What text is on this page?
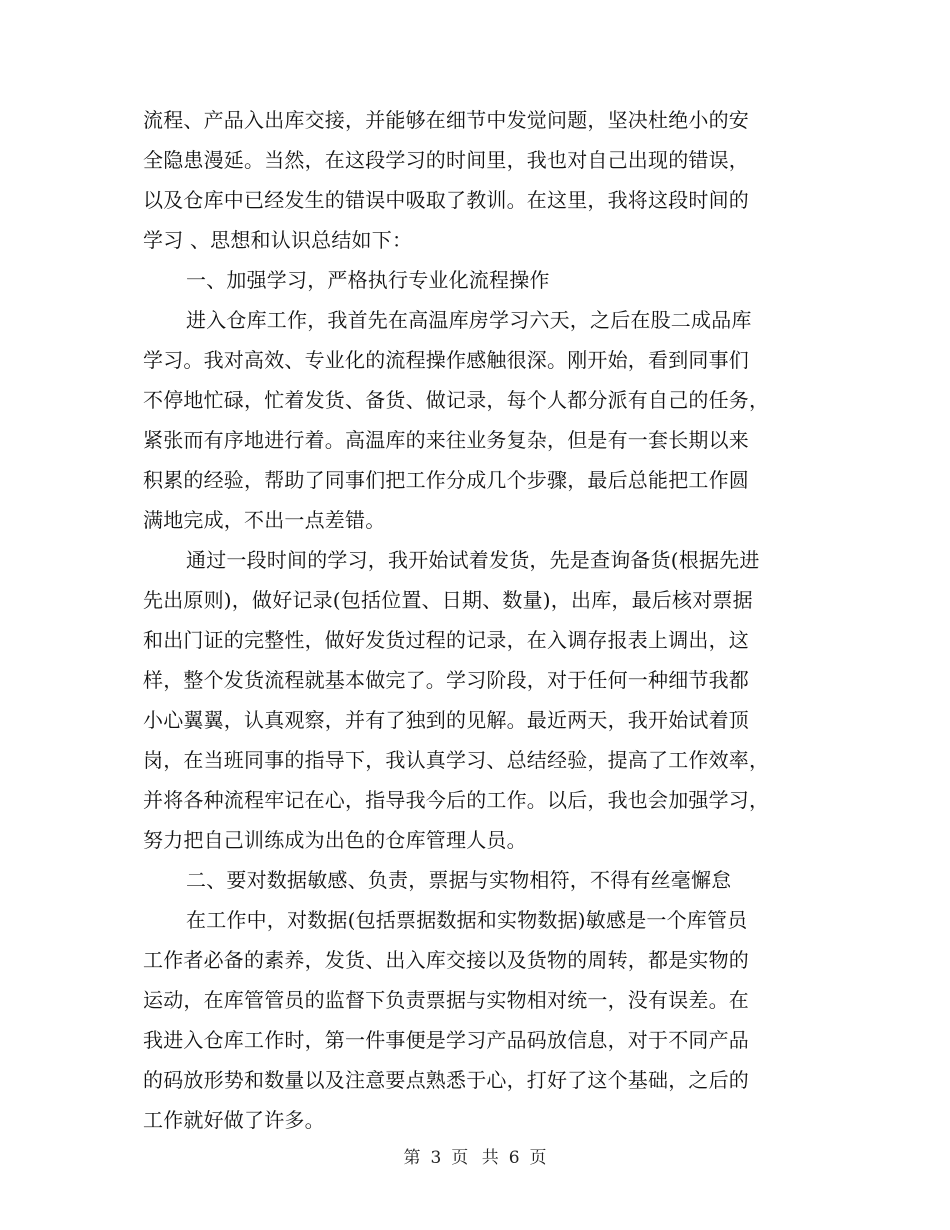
流程、产品入出库交接，并能够在细节中发觉问题，坚决杜绝小的安
全隐患漫延。当然，在这段学习的时间里，我也对自己出现的错误，
以及仓库中已经发生的错误中吸取了教训。在这里，我将这段时间的
学习 、思想和认识总结如下：
一、加强学习，严格执行专业化流程操作
进入仓库工作，我首先在高温库房学习六天，之后在股二成品库
学习。我对高效、专业化的流程操作感触很深。刚开始，看到同事们
不停地忙碌，忙着发货、备货、做记录，每个人都分派有自己的任务，
紧张而有序地进行着。高温库的来往业务复杂，但是有一套长期以来
积累的经验，帮助了同事们把工作分成几个步骤，最后总能把工作圆
满地完成，不出一点差错。
通过一段时间的学习，我开始试着发货，先是查询备货(根据先进
先出原则)，做好记录(包括位置、日期、数量)，出库，最后核对票据
和出门证的完整性，做好发货过程的记录，在入调存报表上调出，这
样，整个发货流程就基本做完了。学习阶段，对于任何一种细节我都
小心翼翼，认真观察，并有了独到的见解。最近两天，我开始试着顶
岗，在当班同事的指导下，我认真学习、总结经验，提高了工作效率，
并将各种流程牢记在心，指导我今后的工作。以后，我也会加强学习，
努力把自己训练成为出色的仓库管理人员。
二、要对数据敏感、负责，票据与实物相符，不得有丝毫懈怠
在工作中，对数据(包括票据数据和实物数据)敏感是一个库管员
工作者必备的素养，发货、出入库交接以及货物的周转，都是实物的
运动，在库管管员的监督下负责票据与实物相对统一，没有误差。在
我进入仓库工作时，第一件事便是学习产品码放信息，对于不同产品
的码放形势和数量以及注意要点熟悉于心，打好了这个基础，之后的
工作就好做了许多。
第 3 页 共 6 页
